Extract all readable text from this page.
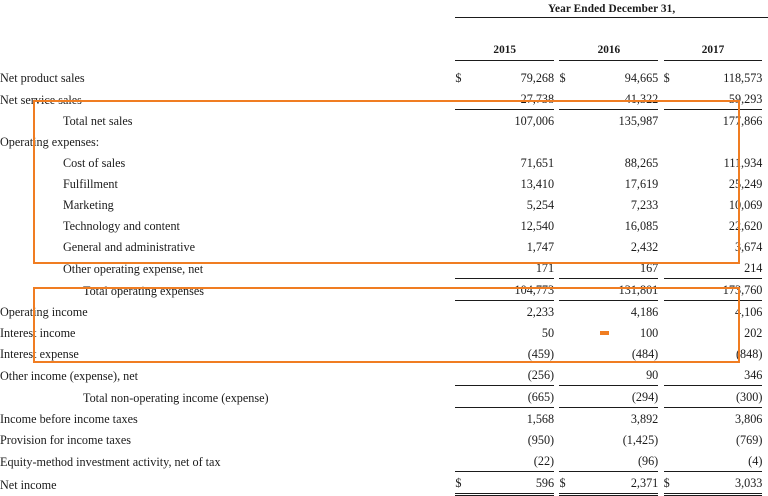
		Year Ended December 31,								

		2015			2016			2017		

Net product sales		$	79,268		$	94,665		$	118,573	
Net service sales			27,738			41,322			59,293	
Total net sales			107,006			135,987			177,866	
Operating expenses:										
Cost of sales			71,651			88,265			111,934	
Fulfillment			13,410			17,619			25,249	
Marketing			5,254			7,233			10,069	
Technology and content			12,540			16,085			22,620	
General and administrative			1,747			2,432			3,674	
Other operating expense, net			171			167			214	
Total operating expenses			104,773			131,801			173,760	
Operating income			2,233			4,186			4,106	
Interest income			50			100			202	
Interest expense			(459)			(484)			(848)	
Other income (expense), net			(256)			90			346	
Total non-operating income (expense)			(665)			(294)			(300)	
Income before income taxes			1,568			3,892			3,806	
Provision for income taxes			(950)			(1,425)			(769)	
Equity-method investment activity, net of tax			(22)			(96)			(4)	
Net income		$	596		$	2,371		$	3,033	
